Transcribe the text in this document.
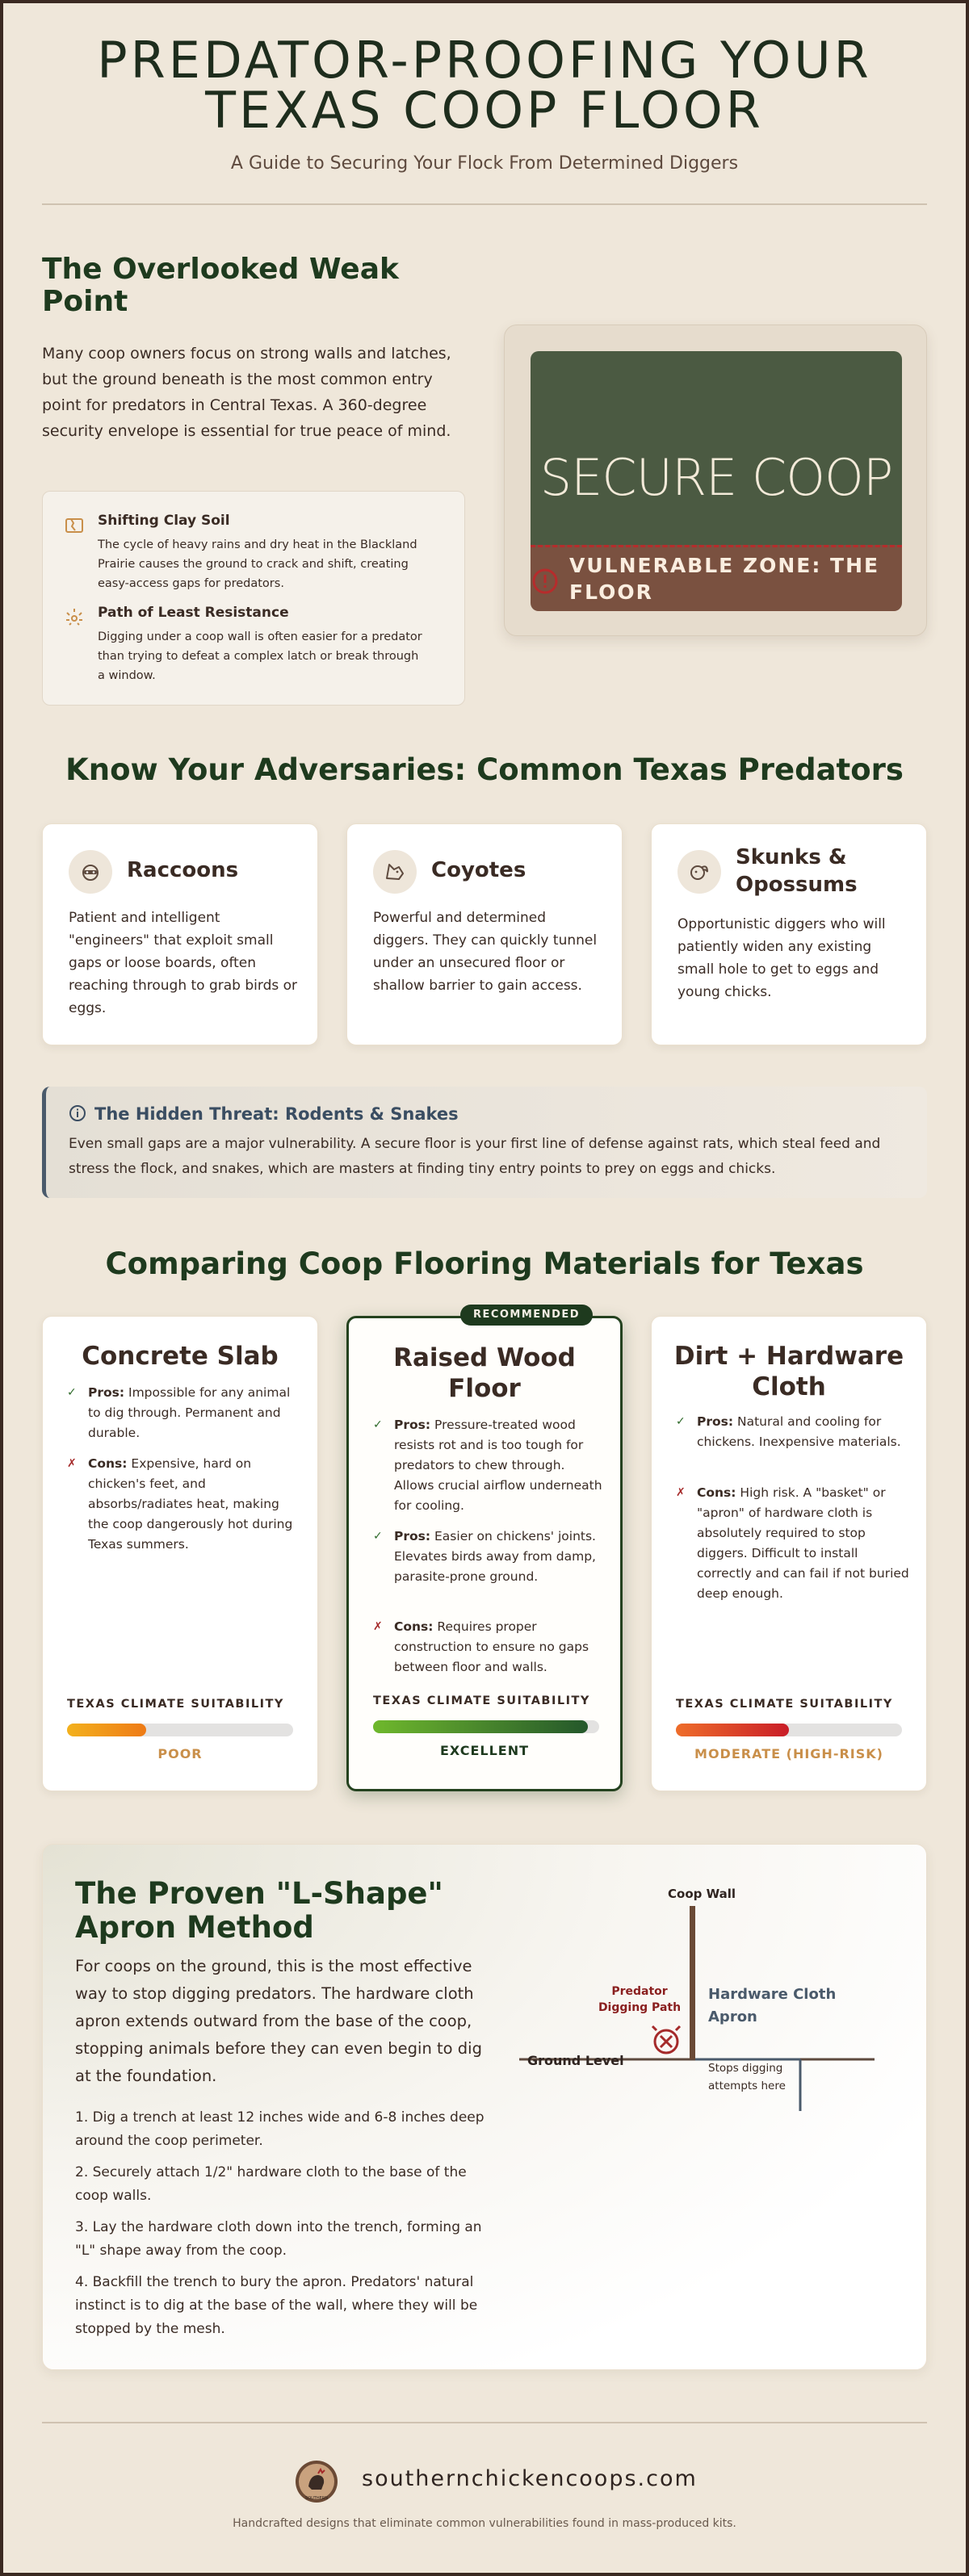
PREDATOR-PROOFING YOUR
TEXAS COOP FLOOR
A Guide to Securing Your Flock From Determined Diggers
The Overlooked Weak Point
Many coop owners focus on strong walls and latches, but the ground beneath is the most common entry point for predators in Central Texas. A 360-degree security envelope is essential for true peace of mind.
Shifting Clay Soil
The cycle of heavy rains and dry heat in the Blackland Prairie causes the ground to crack and shift, creating easy-access gaps for predators.
Path of Least Resistance
Digging under a coop wall is often easier for a predator than trying to defeat a complex latch or break through a window.
SECURE COOP
VULNERABLE ZONE: THE FLOOR
Know Your Adversaries: Common Texas Predators
Raccoons
Patient and intelligent "engineers" that exploit small gaps or loose boards, often reaching through to grab birds or eggs.
Coyotes
Powerful and determined diggers. They can quickly tunnel under an unsecured floor or shallow barrier to gain access.
Skunks & Opossums
Opportunistic diggers who will patiently widen any existing small hole to get to eggs and young chicks.
The Hidden Threat: Rodents & Snakes
Even small gaps are a major vulnerability. A secure floor is your first line of defense against rats, which steal feed and stress the flock, and snakes, which are masters at finding tiny entry points to prey on eggs and chicks.
Comparing Coop Flooring Materials for Texas
Concrete Slab
✓ Pros: Impossible for any animal to dig through. Permanent and durable.
✗ Cons: Expensive, hard on chicken's feet, and absorbs/radiates heat, making the coop dangerously hot during Texas summers.
TEXAS CLIMATE SUITABILITY
POOR
Raised Wood Floor
✓ Pros: Pressure-treated wood resists rot and is too tough for predators to chew through. Allows crucial airflow underneath for cooling.
✓ Pros: Easier on chickens' joints. Elevates birds away from damp, parasite-prone ground.
✗ Cons: Requires proper construction to ensure no gaps between floor and walls.
TEXAS CLIMATE SUITABILITY
EXCELLENT
RECOMMENDED
Dirt + Hardware Cloth
✓ Pros: Natural and cooling for chickens. Inexpensive materials.
✗ Cons: High risk. A "basket" or "apron" of hardware cloth is absolutely required to stop diggers. Difficult to install correctly and can fail if not buried deep enough.
TEXAS CLIMATE SUITABILITY
MODERATE (HIGH-RISK)
The Proven "L-Shape" Apron Method
For coops on the ground, this is the most effective way to stop digging predators. The hardware cloth apron extends outward from the base of the coop, stopping animals before they can even begin to dig at the foundation.
1. Dig a trench at least 12 inches wide and 6-8 inches deep around the coop perimeter.
2. Securely attach 1/2" hardware cloth to the base of the coop walls.
3. Lay the hardware cloth down into the trench, forming an "L" shape away from the coop.
4. Backfill the trench to bury the apron. Predators' natural instinct is to dig at the base of the wall, where they will be stopped by the mesh.
Coop Wall
Predator
Digging Path
Hardware Cloth
Apron
Ground Level	Stops digging
attempts here
SOUTHERN
southernchickencoops.com
Handcrafted designs that eliminate common vulnerabilities found in mass-produced kits.
